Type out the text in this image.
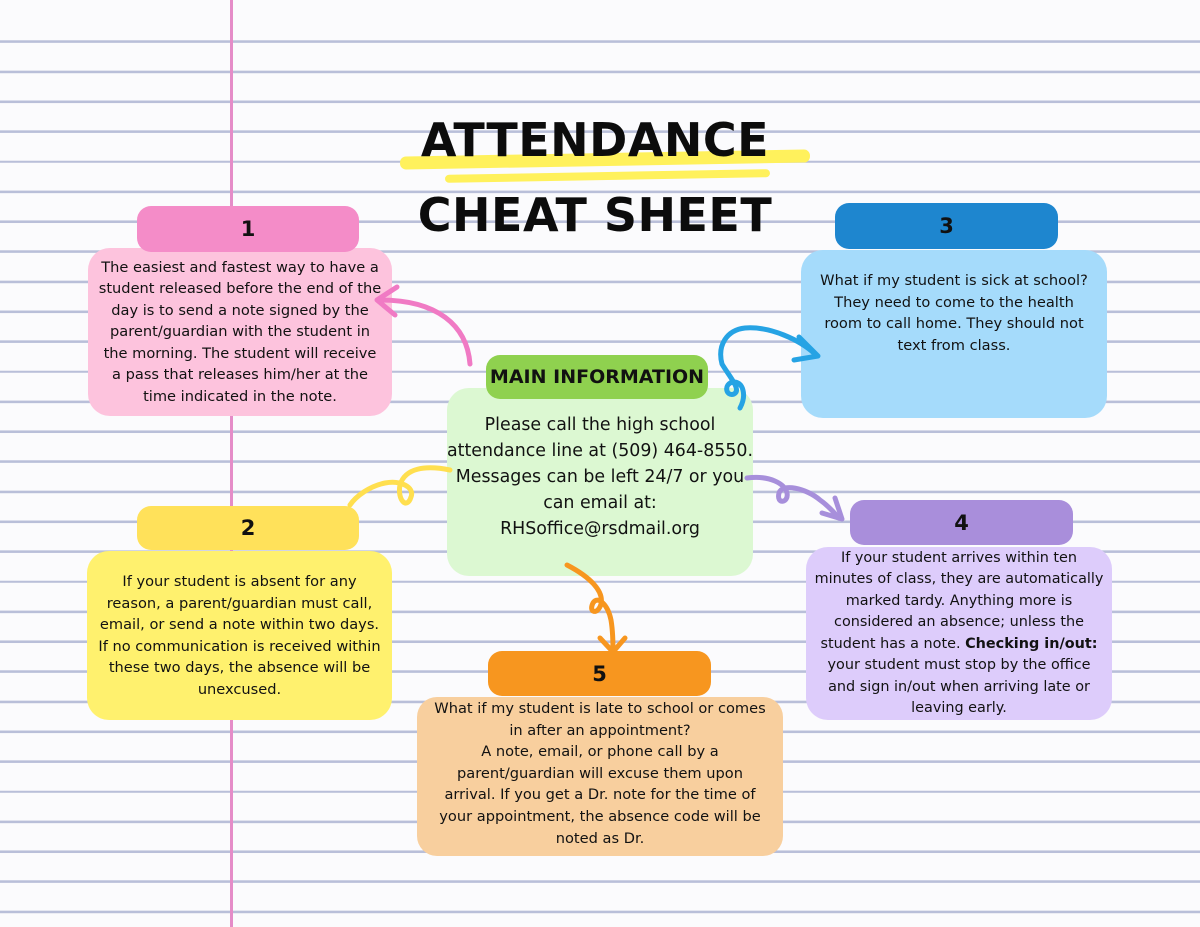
ATTENDANCE
CHEAT SHEET
1

The easiest and fastest way to have a student released before the end of the day is to send a note signed by the parent/guardian with the student in the morning. The student will receive a pass that releases him/her at the time indicated in the note.

2

If your student is absent for any reason, a parent/guardian must call, email, or send a note within two days. If no communication is received within these two days, the absence will be unexcused.

3

What if my student is sick at school? They need to come to the health room to call home. They should not text from class.

4

If your student arrives within ten minutes of class, they are automatically marked tardy. Anything more is considered an absence; unless the student has a note. Checking in/out: your student must stop by the office and sign in/out when arriving late or leaving early.

5

What if my student is late to school or comes in after an appointment?
A note, email, or phone call by a parent/guardian will excuse them upon arrival. If you get a Dr. note for the time of your appointment, the absence code will be noted as Dr.

MAIN INFORMATION

Please call the high school attendance line at (509) 464-8550. Messages can be left 24/7 or you can email at: RHSoffice@rsdmail.org
